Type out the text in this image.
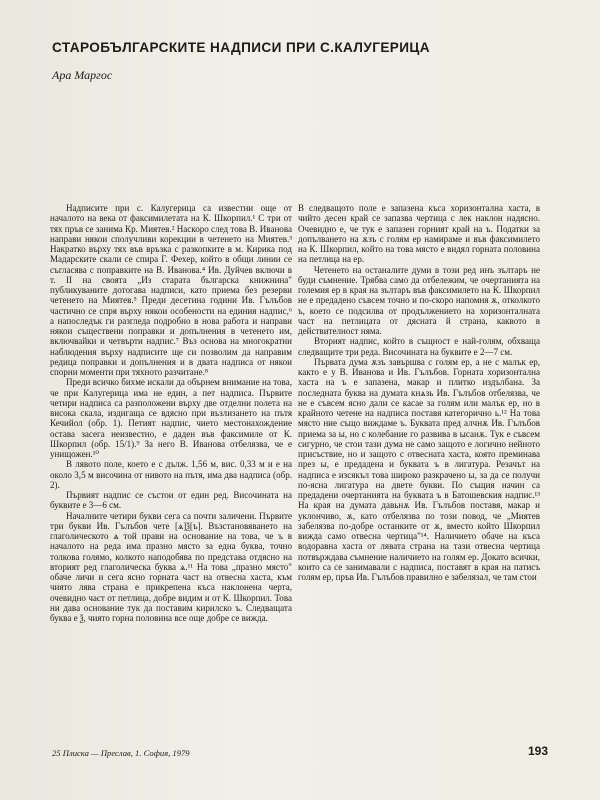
СТАРОБЪЛГАРСКИТЕ НАДПИСИ ПРИ С.КАЛУГЕРИЦА
Ара Маргос

Надписите при с. Калугерица са известни още от началото на века от факсимилетата на К. Шкорпил.¹ С три от тях пръв се занима Кр. Миятев.² Наскоро след това В. Иванова направи някои сполучливи корекции в четенето на Миятев.³ Накратко върху тях във връзка с разкопките в м. Кирика под Мадарските скали се спира Г. Фехер, който в общи линии се съгласява с поправките на В. Иванова.⁴ Ив. Дуйчев включи в т. II на своята „Из старата българска книжнина" публикуваните дотогава надписи, като приема без резерви четенето на Миятев.⁵ Преди десетина години Ив. Гълъбов частично се спря върху някои особености на единия надпис,⁶ а напоследък ги разгледа подробно в нова работа и направи някои съществени поправки и допълнения в четенето им, включвайки и четвърти надпис.⁷ Въз основа на многократни наблюдения върху надписите ще си позволим да направим редица поправки и допълнения и в двата надписа от някои спорни моменти при тяхното разчитане.⁸

Преди всичко бихме искали да обърнем внимание на това, че при Калугерица има не един, а пет надписа. Първите четири надписа са разположени върху две отделни полета на висока скала, издигаща се вдясно при възлизането на пътя Кечийол (обр. 1). Петият надпис, чието местонахождение остава засега неизвестно, е даден във факсимиле от К. Шкорпил (обр. 15/1).⁹ За него В. Иванова отбелязва, че е унищожен.¹⁰

В лявото поле, което е с дълж. 1,56 м, вис. 0,33 м и е на около 3,5 м височина от нивото на пътя, има два надписа (обр. 2).

Първият надпис се състои от един ред. Височината на буквите е 3—6 см.

Началните четири букви сега са почти заличени. Първите три букви Ив. Гълъбов чете [ѧ]ѯ[ъ]. Възстановяването на глаголическото ѧ той прави на основание на това, че ъ в началото на реда има празно място за една буква, точно толкова голямо, колкото наподобява по представа отдясно на вторият ред глаголическа буква ѧ.¹¹ На това „празно място" обаче личи и сега ясно горната част на отвесна хаста, към чиято лява страна е прикрепена къса наклонена черта, очевидно част от петлица, добре видим и от К. Шкорпил. Това ни дава основание тук да поставим кирилско ъ. Следващата буква е ѯ, чиято горна половина все още добре се вижда.

В следващото поле е запазена къса хоризонтална хаста, в чийто десен край се запазва чертица с лек наклон надясно. Очевидно е, че тук е запазен горният край на ъ. Податки за допълването на ѫзъ с голям ер намираме и във факсимилето на К. Шкорпил, който на това място е видял горната половина на петлица на ер.

Четенето на останалите думи в този ред инъ зълтаръ не буди съмнение. Трябва само да отбележим, че очертанията на големия ер в края на зълтаръ във факсимилето на К. Шкорпил не е предадено съвсем точно и по-скоро напомня ѫ, отколкото ъ, което се подсилва от продължението на хоризонталната част на петлицата от дясната й страна, каквото в действителност няма.

Вторият надпис, който в същност е най-голям, обхваща следващите три реда. Височината на буквите е 2—7 см.

Първата дума ѫзъ завършва с голям ер, а не с малък ер, както е у В. Иванова и Ив. Гълъбов. Горната хоризонтална хаста на ъ е запазена, макар и плитко издълбана. За последната буква на думата кнѧзь Ив. Гълъбов отбелязва, че не е съвсем ясно дали се касае за голям или малък ер, но в крайното четене на надписа поставя категорично ь.¹² На това място ние също виждаме ъ. Буквата пред алчнѫ Ив. Гълъбов приема за ы, но с колебание го развива в ысанѫ. Тук е съвсем сигурно, че стои тази дума не само защото е логично нейното присъствие, но и защото с отвесната хаста, която преминава през ы, е предадена и буквата ъ в лигатура. Резачът на надписа е изсякъл това широко разкрачено ы, за да се получи по-ясна лигатура на двете букви. По същия начин са предадени очертанията на буквата ъ в Батошевския надпис.¹³ На края на думата давьнѫ Ив. Гълъбов поставя, макар и уклончиво, ѫ, като отбелязва по този повод, че „Миятев забелязва по-добре останките от ѫ, вместо който Шкорпил вижда само отвесна чертица"¹⁴. Наличието обаче на къса водоравна хаста от лявата страна на тази отвесна чертица потвърждава съмнение наличието на голям ер. Докато всички, които са се занимавали с надписа, поставят в края на патисъ голям ер, пръв Ив. Гълъбов правилно е забелязал, че там стои

25 Плиска — Преслав, 1. София, 1979	193
